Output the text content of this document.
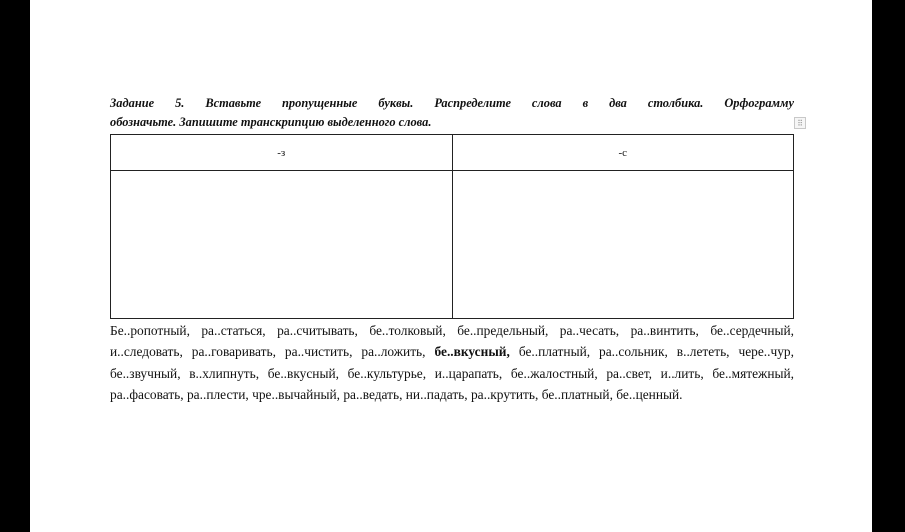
Задание 5. Вставьте пропущенные буквы. Распределите слова в два столбика. Орфограмму
обозначьте. Запишите транскрипцию выделенного слова.	⠿
-з	-с

Бе..ропотный, ра..статься, ра..считывать, бе..толковый, бе..предельный, ра..чесать, ра..винтить, бе..сердечный, и..следовать, ра..говаривать, ра..чистить, ра..ложить, бе..вкусный, бе..платный, ра..сольник, в..лететь, чере..чур, бе..звучный, в..хлипнуть, бе..вкусный, бе..культурье, и..царапать, бе..жалостный, ра..свет, и..лить, бе..мятежный, ра..фасовать, ра..плести, чре..вычайный, ра..ведать, ни..падать, ра..крутить, бе..платный, бе..ценный.
